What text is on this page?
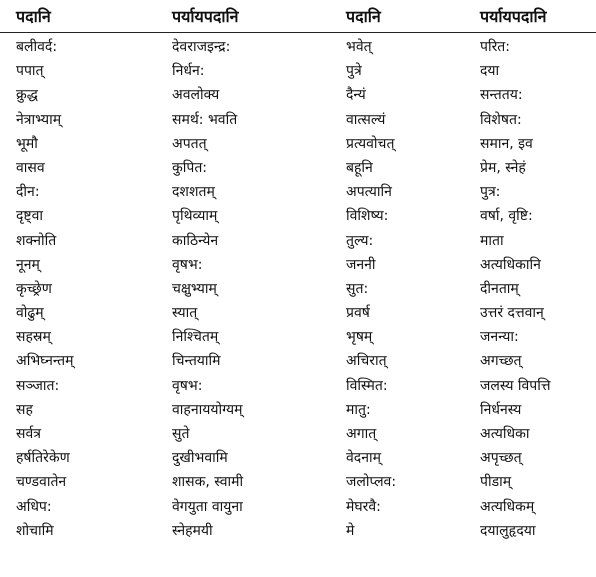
पदानि	पर्यायपदानि	पदानि	पर्यायपदानि
बलीवर्द:	देवराजइन्द्र:	भवेत्	परित:
पपात्	निर्धन:	पुत्रे	दया
क्रुद्ध	अवलोक्य	दैन्यं	सन्ततय:
नेत्राभ्याम्	समर्थ: भवति	वात्सल्यं	विशेषत:
भूमौ	अपतत्	प्रत्यवोचत्	समान, इव
वासव	कुपित:	बहूनि	प्रेम, स्नेहं
दीन:	दशशतम्	अपत्यानि	पुत्र:
दृष्ट्वा	पृथिव्याम्	विशिष्य:	वर्षा, वृष्टि:
शक्नोति	काठिन्येन	तुल्य:	माता
नूनम्	वृषभ:	जननी	अत्यधिकानि
कृच्छ्रेण	चक्षुभ्याम्	सुत:	दीनताम्
वोढुम्	स्यात्	प्रवर्ष	उत्तरं दत्तवान्
सहस्रम्	निश्चितम्	भृषम्	जनन्या:
अभिघ्नन्तम्	चिन्तयामि	अचिरात्	अगच्छत्
सञ्जात:	वृषभ:	विस्मित:	जलस्य विपत्ति
सह	वाहनाययोग्यम्	मातु:	निर्धनस्य
सर्वत्र	सुते	अगात्	अत्यधिका
हर्षतिरेकेण	दुखीभवामि	वेदनाम्	अपृच्छत्
चण्डवातेन	शासक, स्वामी	जलोप्लव:	पीडाम्
अधिप:	वेगयुता वायुना	मेघरवै:	अत्यधिकम्
शोचामि	स्नेहमयी	मे	दयालुहृदया
